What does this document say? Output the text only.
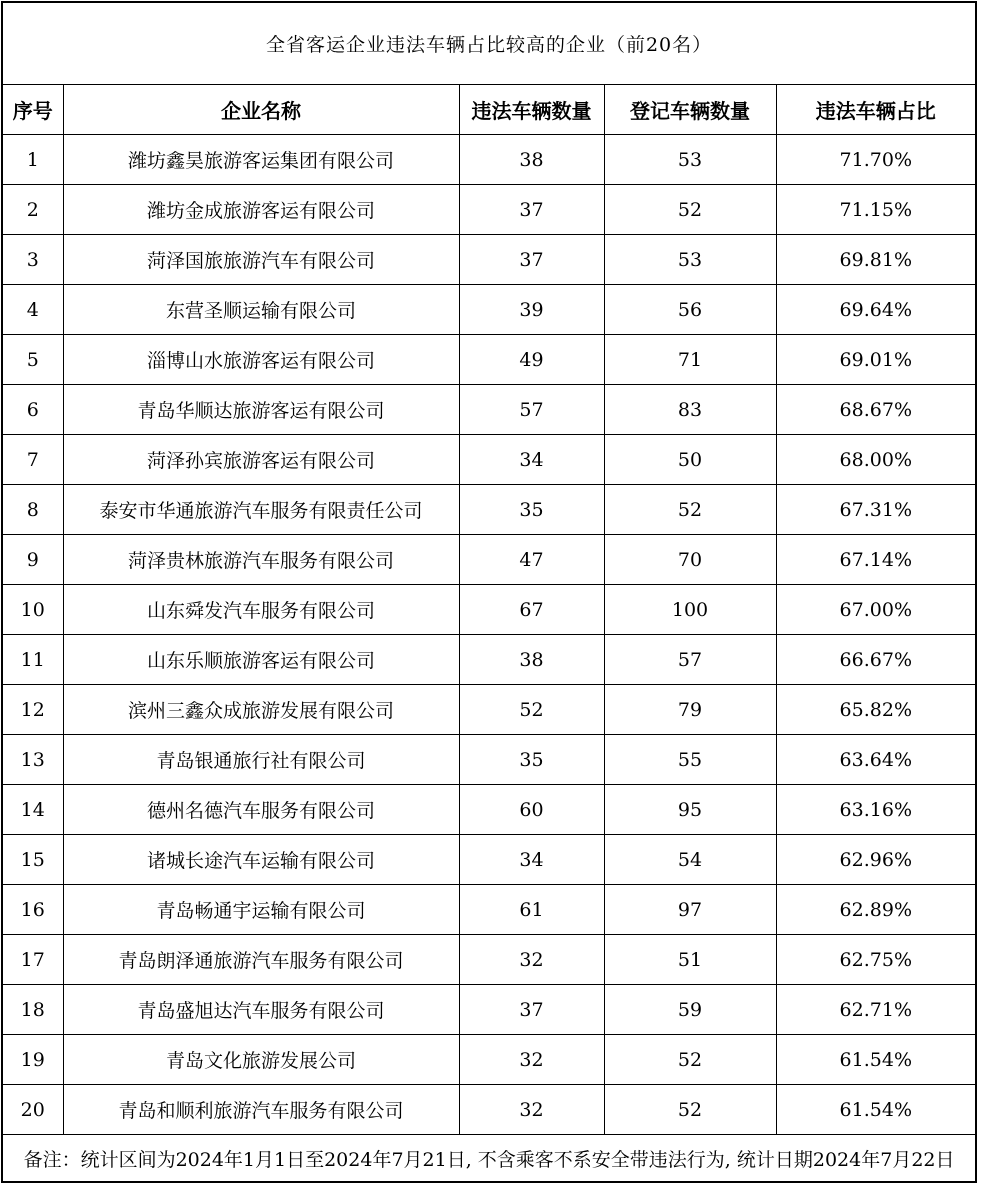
全省客运企业违法车辆占比较高的企业（前20名）				
序号	企业名称	违法车辆数量	登记车辆数量	违法车辆占比
1	潍坊鑫昊旅游客运集团有限公司	38	53	71.70%
2	潍坊金成旅游客运有限公司	37	52	71.15%
3	菏泽国旅旅游汽车有限公司	37	53	69.81%
4	东营圣顺运输有限公司	39	56	69.64%
5	淄博山水旅游客运有限公司	49	71	69.01%
6	青岛华顺达旅游客运有限公司	57	83	68.67%
7	菏泽孙宾旅游客运有限公司	34	50	68.00%
8	泰安市华通旅游汽车服务有限责任公司	35	52	67.31%
9	菏泽贵林旅游汽车服务有限公司	47	70	67.14%
10	山东舜发汽车服务有限公司	67	100	67.00%
11	山东乐顺旅游客运有限公司	38	57	66.67%
12	滨州三鑫众成旅游发展有限公司	52	79	65.82%
13	青岛银通旅行社有限公司	35	55	63.64%
14	德州名德汽车服务有限公司	60	95	63.16%
15	诸城长途汽车运输有限公司	34	54	62.96%
16	青岛畅通宇运输有限公司	61	97	62.89%
17	青岛朗泽通旅游汽车服务有限公司	32	51	62.75%
18	青岛盛旭达汽车服务有限公司	37	59	62.71%
19	青岛文化旅游发展公司	32	52	61.54%
20	青岛和顺利旅游汽车服务有限公司	32	52	61.54%
备注：统计区间为2024年1月1日至2024年7月21日, 不含乘客不系安全带违法行为, 统计日期2024年7月22日				
